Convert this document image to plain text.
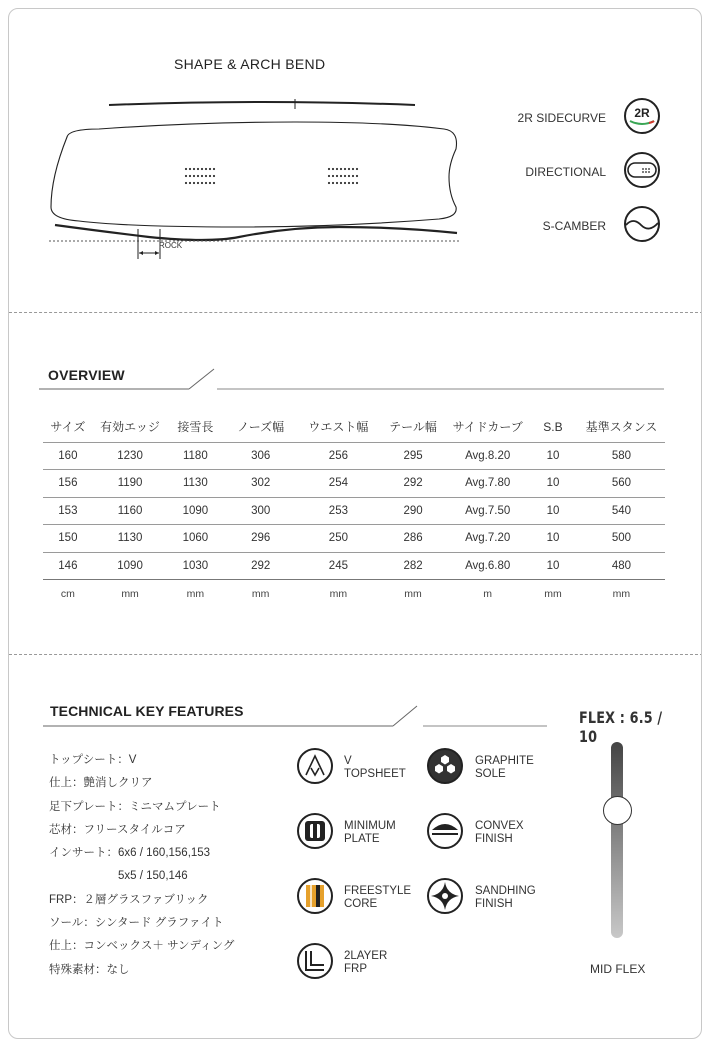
SHAPE & ARCH BEND
ROCK
2R SIDECURVE 2R
DIRECTIONAL
S-CAMBER
OVERVIEW
サイズ	有効エッジ	接雪長	ノーズ幅	ウエスト幅	テール幅	サイドカーブ	S.B	基準スタンス
160	1230	1180	306	256	295	Avg.8.20	10	580
156	1190	1130	302	254	292	Avg.7.80	10	560
153	1160	1090	300	253	290	Avg.7.50	10	540
150	1130	1060	296	250	286	Avg.7.20	10	500
146	1090	1030	292	245	282	Avg.6.80	10	480
cm	mm	mm	mm	mm	mm	m	mm	mm
TECHNICAL KEY FEATURES
トップシート：V
仕上：艶消しクリア
足下プレート：ミニマムプレート
芯材：フリースタイルコア
インサート：6x6 / 160,156,153
　　　　　　5x5 / 150,146
FRP：２層グラスファブリック
ソール：シンタード グラファイト
仕上：コンベックス＋ サンディング
特殊素材：なし
V
TOPSHEET
GRAPHITE
SOLE
MINIMUM
PLATE
CONVEX
FINISH
FREESTYLE
CORE
SANDHING
FINISH
2LAYER
FRP
FLEX : 6.5 / 10
MID FLEX
